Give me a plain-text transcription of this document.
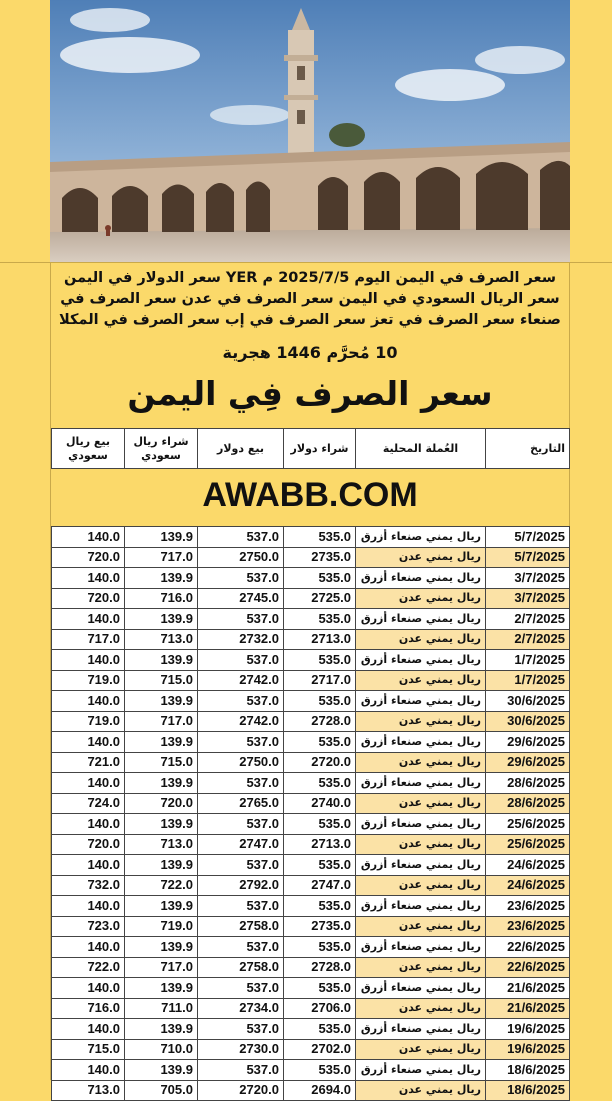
سعر الصرف في اليمن اليوم 2025/7/5 م YER سعر الدولار في اليمن سعر الريال السعودي في اليمن سعر الصرف في عدن سعر الصرف في صنعاء سعر الصرف في تعز سعر الصرف في إب سعر الصرف في المكلا
10 مُحرَّم 1446 هجرية
سعر الصرف فِي اليمن
بيع ريال سعودي	شراء ريال سعودي	بيع دولار	شراء دولار	العُملة المحلية	التاريخ
AWABB.COM
140.0	139.9	537.0	535.0	ريال يمني صنعاء أزرق	5/7/2025
720.0	717.0	2750.0	2735.0	ريال يمني عدن	5/7/2025
140.0	139.9	537.0	535.0	ريال يمني صنعاء أزرق	3/7/2025
720.0	716.0	2745.0	2725.0	ريال يمني عدن	3/7/2025
140.0	139.9	537.0	535.0	ريال يمني صنعاء أزرق	2/7/2025
717.0	713.0	2732.0	2713.0	ريال يمني عدن	2/7/2025
140.0	139.9	537.0	535.0	ريال يمني صنعاء أزرق	1/7/2025
719.0	715.0	2742.0	2717.0	ريال يمني عدن	1/7/2025
140.0	139.9	537.0	535.0	ريال يمني صنعاء أزرق	30/6/2025
719.0	717.0	2742.0	2728.0	ريال يمني عدن	30/6/2025
140.0	139.9	537.0	535.0	ريال يمني صنعاء أزرق	29/6/2025
721.0	715.0	2750.0	2720.0	ريال يمني عدن	29/6/2025
140.0	139.9	537.0	535.0	ريال يمني صنعاء أزرق	28/6/2025
724.0	720.0	2765.0	2740.0	ريال يمني عدن	28/6/2025
140.0	139.9	537.0	535.0	ريال يمني صنعاء أزرق	25/6/2025
720.0	713.0	2747.0	2713.0	ريال يمني عدن	25/6/2025
140.0	139.9	537.0	535.0	ريال يمني صنعاء أزرق	24/6/2025
732.0	722.0	2792.0	2747.0	ريال يمني عدن	24/6/2025
140.0	139.9	537.0	535.0	ريال يمني صنعاء أزرق	23/6/2025
723.0	719.0	2758.0	2735.0	ريال يمني عدن	23/6/2025
140.0	139.9	537.0	535.0	ريال يمني صنعاء أزرق	22/6/2025
722.0	717.0	2758.0	2728.0	ريال يمني عدن	22/6/2025
140.0	139.9	537.0	535.0	ريال يمني صنعاء أزرق	21/6/2025
716.0	711.0	2734.0	2706.0	ريال يمني عدن	21/6/2025
140.0	139.9	537.0	535.0	ريال يمني صنعاء أزرق	19/6/2025
715.0	710.0	2730.0	2702.0	ريال يمني عدن	19/6/2025
140.0	139.9	537.0	535.0	ريال يمني صنعاء أزرق	18/6/2025
713.0	705.0	2720.0	2694.0	ريال يمني عدن	18/6/2025
